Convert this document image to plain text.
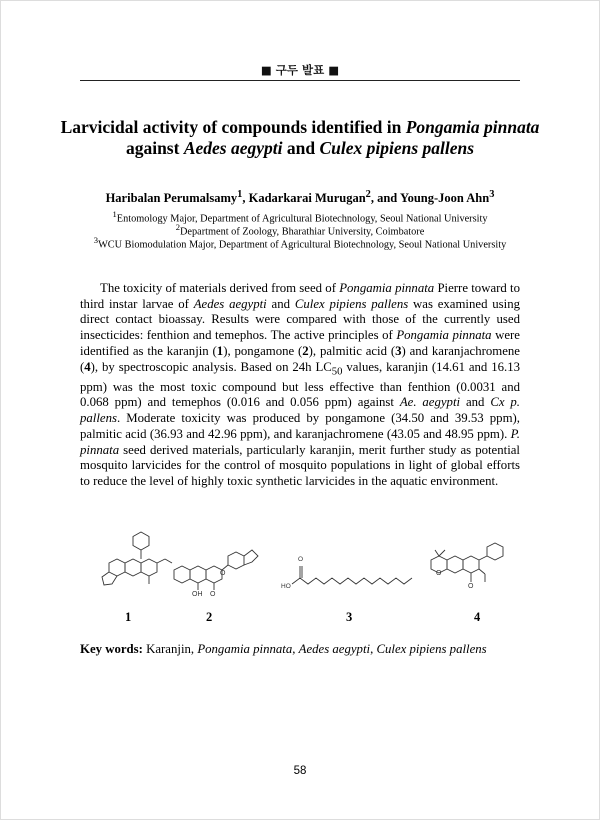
■ 구두 발표 ■
Larvicidal activity of compounds identified in Pongamia pinnata against Aedes aegypti and Culex pipiens pallens
Haribalan Perumalsamy$^1$, Kadarkarai Murugan$^2$, and Young-Joon Ahn$^3$
$^1$Entomology Major, Department of Agricultural Biotechnology, Seoul National University
$^2$Department of Zoology, Bharathiar University, Coimbatore
$^3$WCU Biomodulation Major, Department of Agricultural Biotechnology, Seoul National University

The toxicity of materials derived from seed of Pongamia pinnata Pierre toward to third instar larvae of Aedes aegypti and Culex pipiens pallens was examined using direct contact bioassay. Results were compared with those of the currently used insecticides: fenthion and temephos. The active principles of Pongamia pinnata were identified as the karanjin (1), pongamone (2), palmitic acid (3) and karanjachromene (4), by spectroscopic analysis. Based on 24h $LC_{50}$ values, karanjin (14.61 and 16.13 ppm) was the most toxic compound but less effective than fenthion (0.0031 and 0.068 ppm) and temephos (0.016 and 0.056 ppm) against Ae. aegypti and Cx p. pallens. Moderate toxicity was produced by pongamone (34.50 and 39.53 ppm), palmitic acid (36.93 and 42.96 ppm), and karanjachromene (43.05 and 48.95 ppm). P. pinnata seed derived materials, particularly karanjin, merit further study as potential mosquito larvicides for the control of mosquito populations in light of global efforts to reduce the level of highly toxic synthetic larvicides in the aquatic environment.

OH O
O
HO
O
O
O
1	2	3	4
Key words: Karanjin, Pongamia pinnata, Aedes aegypti, Culex pipiens pallens
58
